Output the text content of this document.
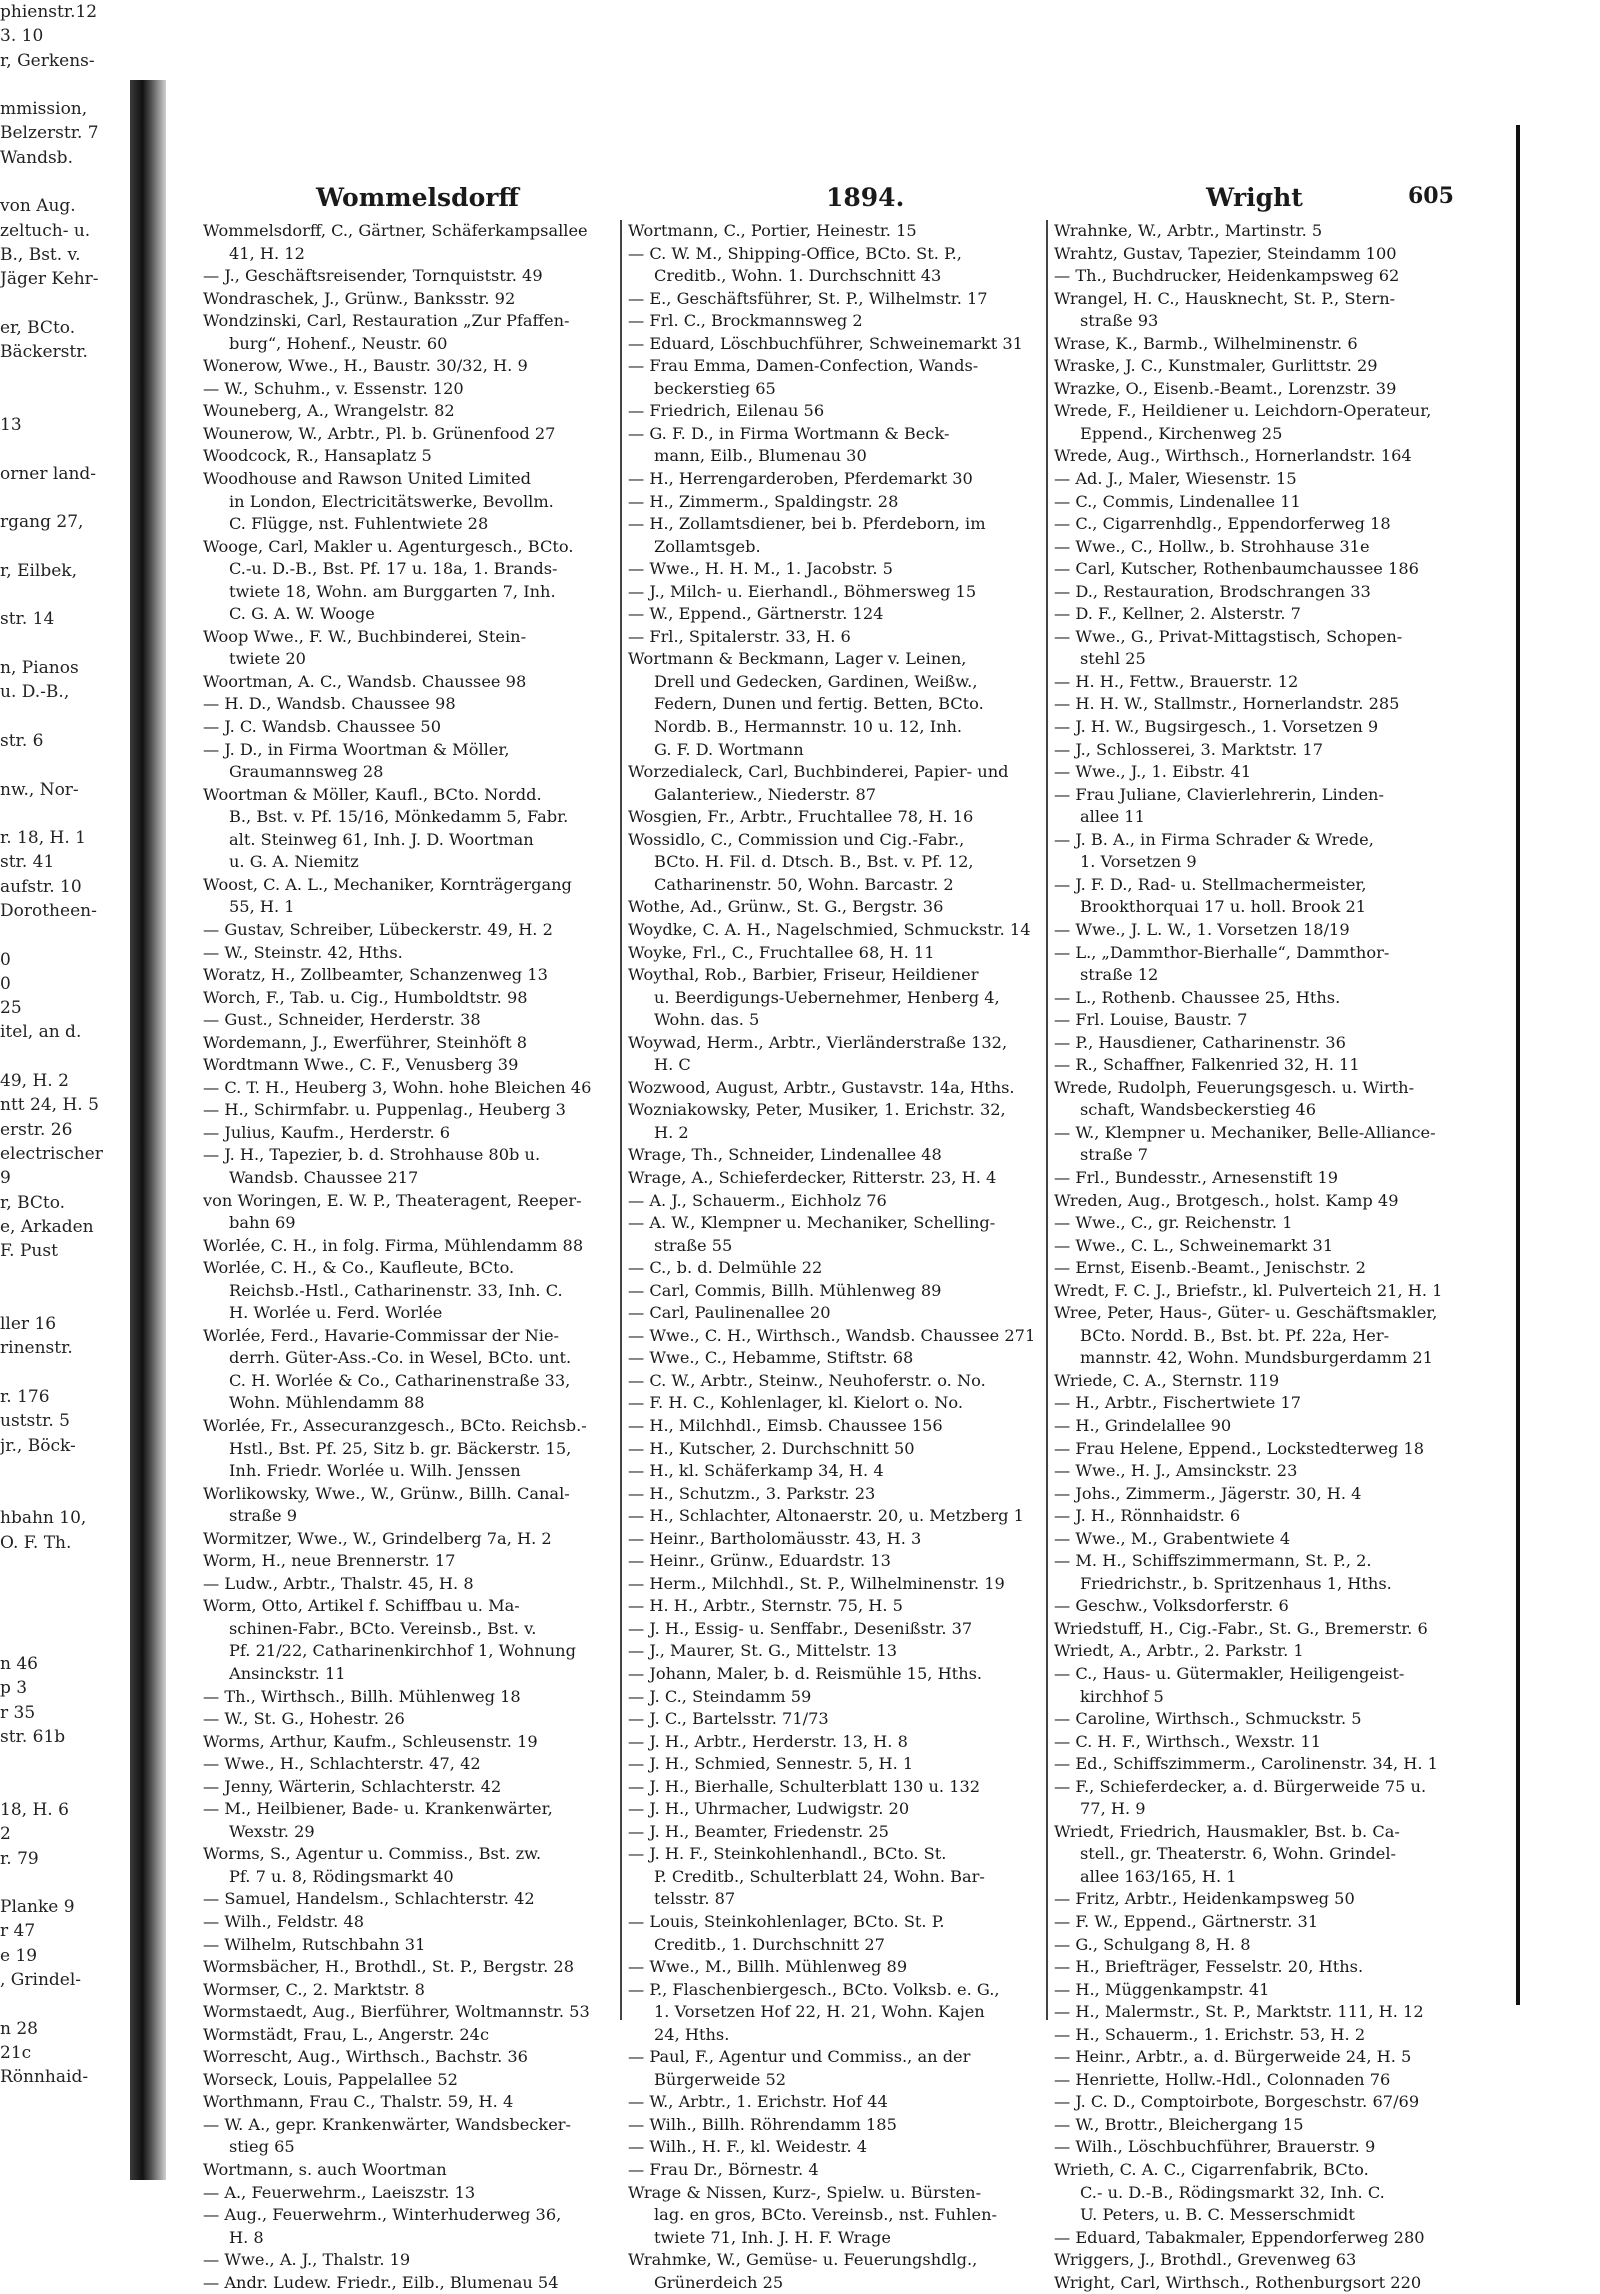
phienstr.12
3. 10
r, Gerkens-
mmission,
Belzerstr. 7
Wandsb.
von Aug.
zeltuch- u.
B., Bst. v.
Jäger Kehr-
er, BCto.
Bäckerstr.
13
orner land-
rgang 27,
r, Eilbek,
str. 14
n, Pianos
u. D.-B.,
str. 6
nw., Nor-
r. 18, H. 1
str. 41
aufstr. 10
Dorotheen-
0
0
25
itel, an d.
49, H. 2
ntt 24, H. 5
erstr. 26
electrischer
9
r, BCto.
e, Arkaden
F. Pust
ller 16
rinenstr.
r. 176
uststr. 5
jr., Böck-
hbahn 10,
O. F. Th.
n 46
p 3
r 35
str. 61b
18, H. 6
2
r. 79
Planke 9
r 47
e 19
, Grindel-
n 28
21c
Rönnhaid-
Wommelsdorff	1894.	Wright	605
Wommelsdorff, C., Gärtner, Schäferkampsallee
41, H. 12
— J., Geschäftsreisender, Tornquiststr. 49
Wondraschek, J., Grünw., Banksstr. 92
Wondzinski, Carl, Restauration „Zur Pfaffen-
burg“, Hohenf., Neustr. 60
Wonerow, Wwe., H., Baustr. 30/32, H. 9
— W., Schuhm., v. Essenstr. 120
Wouneberg, A., Wrangelstr. 82
Wounerow, W., Arbtr., Pl. b. Grünenfood 27
Woodcock, R., Hansaplatz 5
Woodhouse and Rawson United Limited
in London, Electricitätswerke, Bevollm.
C. Flügge, nst. Fuhlentwiete 28
Wooge, Carl, Makler u. Agenturgesch., BCto.
C.-u. D.-B., Bst. Pf. 17 u. 18a, 1. Brands-
twiete 18, Wohn. am Burggarten 7, Inh.
C. G. A. W. Wooge
Woop Wwe., F. W., Buchbinderei, Stein-
twiete 20
Woortman, A. C., Wandsb. Chaussee 98
— H. D., Wandsb. Chaussee 98
— J. C. Wandsb. Chaussee 50
— J. D., in Firma Woortman & Möller,
Graumannsweg 28
Woortman & Möller, Kaufl., BCto. Nordd.
B., Bst. v. Pf. 15/16, Mönkedamm 5, Fabr.
alt. Steinweg 61, Inh. J. D. Woortman
u. G. A. Niemitz
Woost, C. A. L., Mechaniker, Kornträgergang
55, H. 1
— Gustav, Schreiber, Lübeckerstr. 49, H. 2
— W., Steinstr. 42, Hths.
Woratz, H., Zollbeamter, Schanzenweg 13
Worch, F., Tab. u. Cig., Humboldtstr. 98
— Gust., Schneider, Herderstr. 38
Wordemann, J., Ewerführer, Steinhöft 8
Wordtmann Wwe., C. F., Venusberg 39
— C. T. H., Heuberg 3, Wohn. hohe Bleichen 46
— H., Schirmfabr. u. Puppenlag., Heuberg 3
— Julius, Kaufm., Herderstr. 6
— J. H., Tapezier, b. d. Strohhause 80b u.
Wandsb. Chaussee 217
von Woringen, E. W. P., Theateragent, Reeper-
bahn 69
Worlée, C. H., in folg. Firma, Mühlendamm 88
Worlée, C. H., & Co., Kaufleute, BCto.
Reichsb.-Hstl., Catharinenstr. 33, Inh. C.
H. Worlée u. Ferd. Worlée
Worlée, Ferd., Havarie-Commissar der Nie-
derrh. Güter-Ass.-Co. in Wesel, BCto. unt.
C. H. Worlée & Co., Catharinenstraße 33,
Wohn. Mühlendamm 88
Worlée, Fr., Assecuranzgesch., BCto. Reichsb.-
Hstl., Bst. Pf. 25, Sitz b. gr. Bäckerstr. 15,
Inh. Friedr. Worlée u. Wilh. Jenssen
Worlikowsky, Wwe., W., Grünw., Billh. Canal-
straße 9
Wormitzer, Wwe., W., Grindelberg 7a, H. 2
Worm, H., neue Brennerstr. 17
— Ludw., Arbtr., Thalstr. 45, H. 8
Worm, Otto, Artikel f. Schiffbau u. Ma-
schinen-Fabr., BCto. Vereinsb., Bst. v.
Pf. 21/22, Catharinenkirchhof 1, Wohnung
Ansinckstr. 11
— Th., Wirthsch., Billh. Mühlenweg 18
— W., St. G., Hohestr. 26
Worms, Arthur, Kaufm., Schleusenstr. 19
— Wwe., H., Schlachterstr. 47, 42
— Jenny, Wärterin, Schlachterstr. 42
— M., Heilbiener, Bade- u. Krankenwärter,
Wexstr. 29
Worms, S., Agentur u. Commiss., Bst. zw.
Pf. 7 u. 8, Rödingsmarkt 40
— Samuel, Handelsm., Schlachterstr. 42
— Wilh., Feldstr. 48
— Wilhelm, Rutschbahn 31
Wormsbächer, H., Brothdl., St. P., Bergstr. 28
Wormser, C., 2. Marktstr. 8
Wormstaedt, Aug., Bierführer, Woltmannstr. 53
Wormstädt, Frau, L., Angerstr. 24c
Worrescht, Aug., Wirthsch., Bachstr. 36
Worseck, Louis, Pappelallee 52
Worthmann, Frau C., Thalstr. 59, H. 4
— W. A., gepr. Krankenwärter, Wandsbecker-
stieg 65
Wortmann, s. auch Woortman
— A., Feuerwehrm., Laeiszstr. 13
— Aug., Feuerwehrm., Winterhuderweg 36,
H. 8
— Wwe., A. J., Thalstr. 19
— Andr. Ludew. Friedr., Eilb., Blumenau 54
Wortmann, C., Portier, Heinestr. 15
— C. W. M., Shipping-Office, BCto. St. P.,
Creditb., Wohn. 1. Durchschnitt 43
— E., Geschäftsführer, St. P., Wilhelmstr. 17
— Frl. C., Brockmannsweg 2
— Eduard, Löschbuchführer, Schweinemarkt 31
— Frau Emma, Damen-Confection, Wands-
beckerstieg 65
— Friedrich, Eilenau 56
— G. F. D., in Firma Wortmann & Beck-
mann, Eilb., Blumenau 30
— H., Herrengarderoben, Pferdemarkt 30
— H., Zimmerm., Spaldingstr. 28
— H., Zollamtsdiener, bei b. Pferdeborn, im
Zollamtsgeb.
— Wwe., H. H. M., 1. Jacobstr. 5
— J., Milch- u. Eierhandl., Böhmersweg 15
— W., Eppend., Gärtnerstr. 124
— Frl., Spitalerstr. 33, H. 6
Wortmann & Beckmann, Lager v. Leinen,
Drell und Gedecken, Gardinen, Weißw.,
Federn, Dunen und fertig. Betten, BCto.
Nordb. B., Hermannstr. 10 u. 12, Inh.
G. F. D. Wortmann
Worzedialeck, Carl, Buchbinderei, Papier- und
Galanteriew., Niederstr. 87
Wosgien, Fr., Arbtr., Fruchtallee 78, H. 16
Wossidlo, C., Commission und Cig.-Fabr.,
BCto. H. Fil. d. Dtsch. B., Bst. v. Pf. 12,
Catharinenstr. 50, Wohn. Barcastr. 2
Wothe, Ad., Grünw., St. G., Bergstr. 36
Woydke, C. A. H., Nagelschmied, Schmuckstr. 14
Woyke, Frl., C., Fruchtallee 68, H. 11
Woythal, Rob., Barbier, Friseur, Heildiener
u. Beerdigungs-Uebernehmer, Henberg 4,
Wohn. das. 5
Woywad, Herm., Arbtr., Vierländerstraße 132,
H. C
Wozwood, August, Arbtr., Gustavstr. 14a, Hths.
Wozniakowsky, Peter, Musiker, 1. Erichstr. 32,
H. 2
Wrage, Th., Schneider, Lindenallee 48
Wrage, A., Schieferdecker, Ritterstr. 23, H. 4
— A. J., Schauerm., Eichholz 76
— A. W., Klempner u. Mechaniker, Schelling-
straße 55
— C., b. d. Delmühle 22
— Carl, Commis, Billh. Mühlenweg 89
— Carl, Paulinenallee 20
— Wwe., C. H., Wirthsch., Wandsb. Chaussee 271
— Wwe., C., Hebamme, Stiftstr. 68
— C. W., Arbtr., Steinw., Neuhoferstr. o. No.
— F. H. C., Kohlenlager, kl. Kielort o. No.
— H., Milchhdl., Eimsb. Chaussee 156
— H., Kutscher, 2. Durchschnitt 50
— H., kl. Schäferkamp 34, H. 4
— H., Schutzm., 3. Parkstr. 23
— H., Schlachter, Altonaerstr. 20, u. Metzberg 1
— Heinr., Bartholomäusstr. 43, H. 3
— Heinr., Grünw., Eduardstr. 13
— Herm., Milchhdl., St. P., Wilhelminenstr. 19
— H. H., Arbtr., Sternstr. 75, H. 5
— J. H., Essig- u. Senffabr., Desenißstr. 37
— J., Maurer, St. G., Mittelstr. 13
— Johann, Maler, b. d. Reismühle 15, Hths.
— J. C., Steindamm 59
— J. C., Bartelsstr. 71/73
— J. H., Arbtr., Herderstr. 13, H. 8
— J. H., Schmied, Sennestr. 5, H. 1
— J. H., Bierhalle, Schulterblatt 130 u. 132
— J. H., Uhrmacher, Ludwigstr. 20
— J. H., Beamter, Friedenstr. 25
— J. H. F., Steinkohlenhandl., BCto. St.
P. Creditb., Schulterblatt 24, Wohn. Bar-
telsstr. 87
— Louis, Steinkohlenlager, BCto. St. P.
Creditb., 1. Durchschnitt 27
— Wwe., M., Billh. Mühlenweg 89
— P., Flaschenbiergesch., BCto. Volksb. e. G.,
1. Vorsetzen Hof 22, H. 21, Wohn. Kajen
24, Hths.
— Paul, F., Agentur und Commiss., an der
Bürgerweide 52
— W., Arbtr., 1. Erichstr. Hof 44
— Wilh., Billh. Röhrendamm 185
— Wilh., H. F., kl. Weidestr. 4
— Frau Dr., Börnestr. 4
Wrage & Nissen, Kurz-, Spielw. u. Bürsten-
lag. en gros, BCto. Vereinsb., nst. Fuhlen-
twiete 71, Inh. J. H. F. Wrage
Wrahmke, W., Gemüse- u. Feuerungshdlg.,
Grünerdeich 25
Wrahnke, W., Arbtr., Martinstr. 5
Wrahtz, Gustav, Tapezier, Steindamm 100
— Th., Buchdrucker, Heidenkampsweg 62
Wrangel, H. C., Hausknecht, St. P., Stern-
straße 93
Wrase, K., Barmb., Wilhelminenstr. 6
Wraske, J. C., Kunstmaler, Gurlittstr. 29
Wrazke, O., Eisenb.-Beamt., Lorenzstr. 39
Wrede, F., Heildiener u. Leichdorn-Operateur,
Eppend., Kirchenweg 25
Wrede, Aug., Wirthsch., Hornerlandstr. 164
— Ad. J., Maler, Wiesenstr. 15
— C., Commis, Lindenallee 11
— C., Cigarrenhdlg., Eppendorferweg 18
— Wwe., C., Hollw., b. Strohhause 31e
— Carl, Kutscher, Rothenbaumchaussee 186
— D., Restauration, Brodschrangen 33
— D. F., Kellner, 2. Alsterstr. 7
— Wwe., G., Privat-Mittagstisch, Schopen-
stehl 25
— H. H., Fettw., Brauerstr. 12
— H. H. W., Stallmstr., Hornerlandstr. 285
— J. H. W., Bugsirgesch., 1. Vorsetzen 9
— J., Schlosserei, 3. Marktstr. 17
— Wwe., J., 1. Eibstr. 41
— Frau Juliane, Clavierlehrerin, Linden-
allee 11
— J. B. A., in Firma Schrader & Wrede,
1. Vorsetzen 9
— J. F. D., Rad- u. Stellmachermeister,
Brookthorquai 17 u. holl. Brook 21
— Wwe., J. L. W., 1. Vorsetzen 18/19
— L., „Dammthor-Bierhalle“, Dammthor-
straße 12
— L., Rothenb. Chaussee 25, Hths.
— Frl. Louise, Baustr. 7
— P., Hausdiener, Catharinenstr. 36
— R., Schaffner, Falkenried 32, H. 11
Wrede, Rudolph, Feuerungsgesch. u. Wirth-
schaft, Wandsbeckerstieg 46
— W., Klempner u. Mechaniker, Belle-Alliance-
straße 7
— Frl., Bundesstr., Arnesenstift 19
Wreden, Aug., Brotgesch., holst. Kamp 49
— Wwe., C., gr. Reichenstr. 1
— Wwe., C. L., Schweinemarkt 31
— Ernst, Eisenb.-Beamt., Jenischstr. 2
Wredt, F. C. J., Briefstr., kl. Pulverteich 21, H. 1
Wree, Peter, Haus-, Güter- u. Geschäftsmakler,
BCto. Nordd. B., Bst. bt. Pf. 22a, Her-
mannstr. 42, Wohn. Mundsburgerdamm 21
Wriede, C. A., Sternstr. 119
— H., Arbtr., Fischertwiete 17
— H., Grindelallee 90
— Frau Helene, Eppend., Lockstedterweg 18
— Wwe., H. J., Amsinckstr. 23
— Johs., Zimmerm., Jägerstr. 30, H. 4
— J. H., Rönnhaidstr. 6
— Wwe., M., Grabentwiete 4
— M. H., Schiffszimmermann, St. P., 2.
Friedrichstr., b. Spritzenhaus 1, Hths.
— Geschw., Volksdorferstr. 6
Wriedstuff, H., Cig.-Fabr., St. G., Bremerstr. 6
Wriedt, A., Arbtr., 2. Parkstr. 1
— C., Haus- u. Gütermakler, Heiligengeist-
kirchhof 5
— Caroline, Wirthsch., Schmuckstr. 5
— C. H. F., Wirthsch., Wexstr. 11
— Ed., Schiffszimmerm., Carolinenstr. 34, H. 1
— F., Schieferdecker, a. d. Bürgerweide 75 u.
77, H. 9
Wriedt, Friedrich, Hausmakler, Bst. b. Ca-
stell., gr. Theaterstr. 6, Wohn. Grindel-
allee 163/165, H. 1
— Fritz, Arbtr., Heidenkampsweg 50
— F. W., Eppend., Gärtnerstr. 31
— G., Schulgang 8, H. 8
— H., Briefträger, Fesselstr. 20, Hths.
— H., Müggenkampstr. 41
— H., Malermstr., St. P., Marktstr. 111, H. 12
— H., Schauerm., 1. Erichstr. 53, H. 2
— Heinr., Arbtr., a. d. Bürgerweide 24, H. 5
— Henriette, Hollw.-Hdl., Colonnaden 76
— J. C. D., Comptoirbote, Borgeschstr. 67/69
— W., Brottr., Bleichergang 15
— Wilh., Löschbuchführer, Brauerstr. 9
Wrieth, C. A. C., Cigarrenfabrik, BCto.
C.- u. D.-B., Rödingsmarkt 32, Inh. C.
U. Peters, u. B. C. Messerschmidt
— Eduard, Tabakmaler, Eppendorferweg 280
Wriggers, J., Brothdl., Grevenweg 63
Wright, Carl, Wirthsch., Rothenburgsort 220
